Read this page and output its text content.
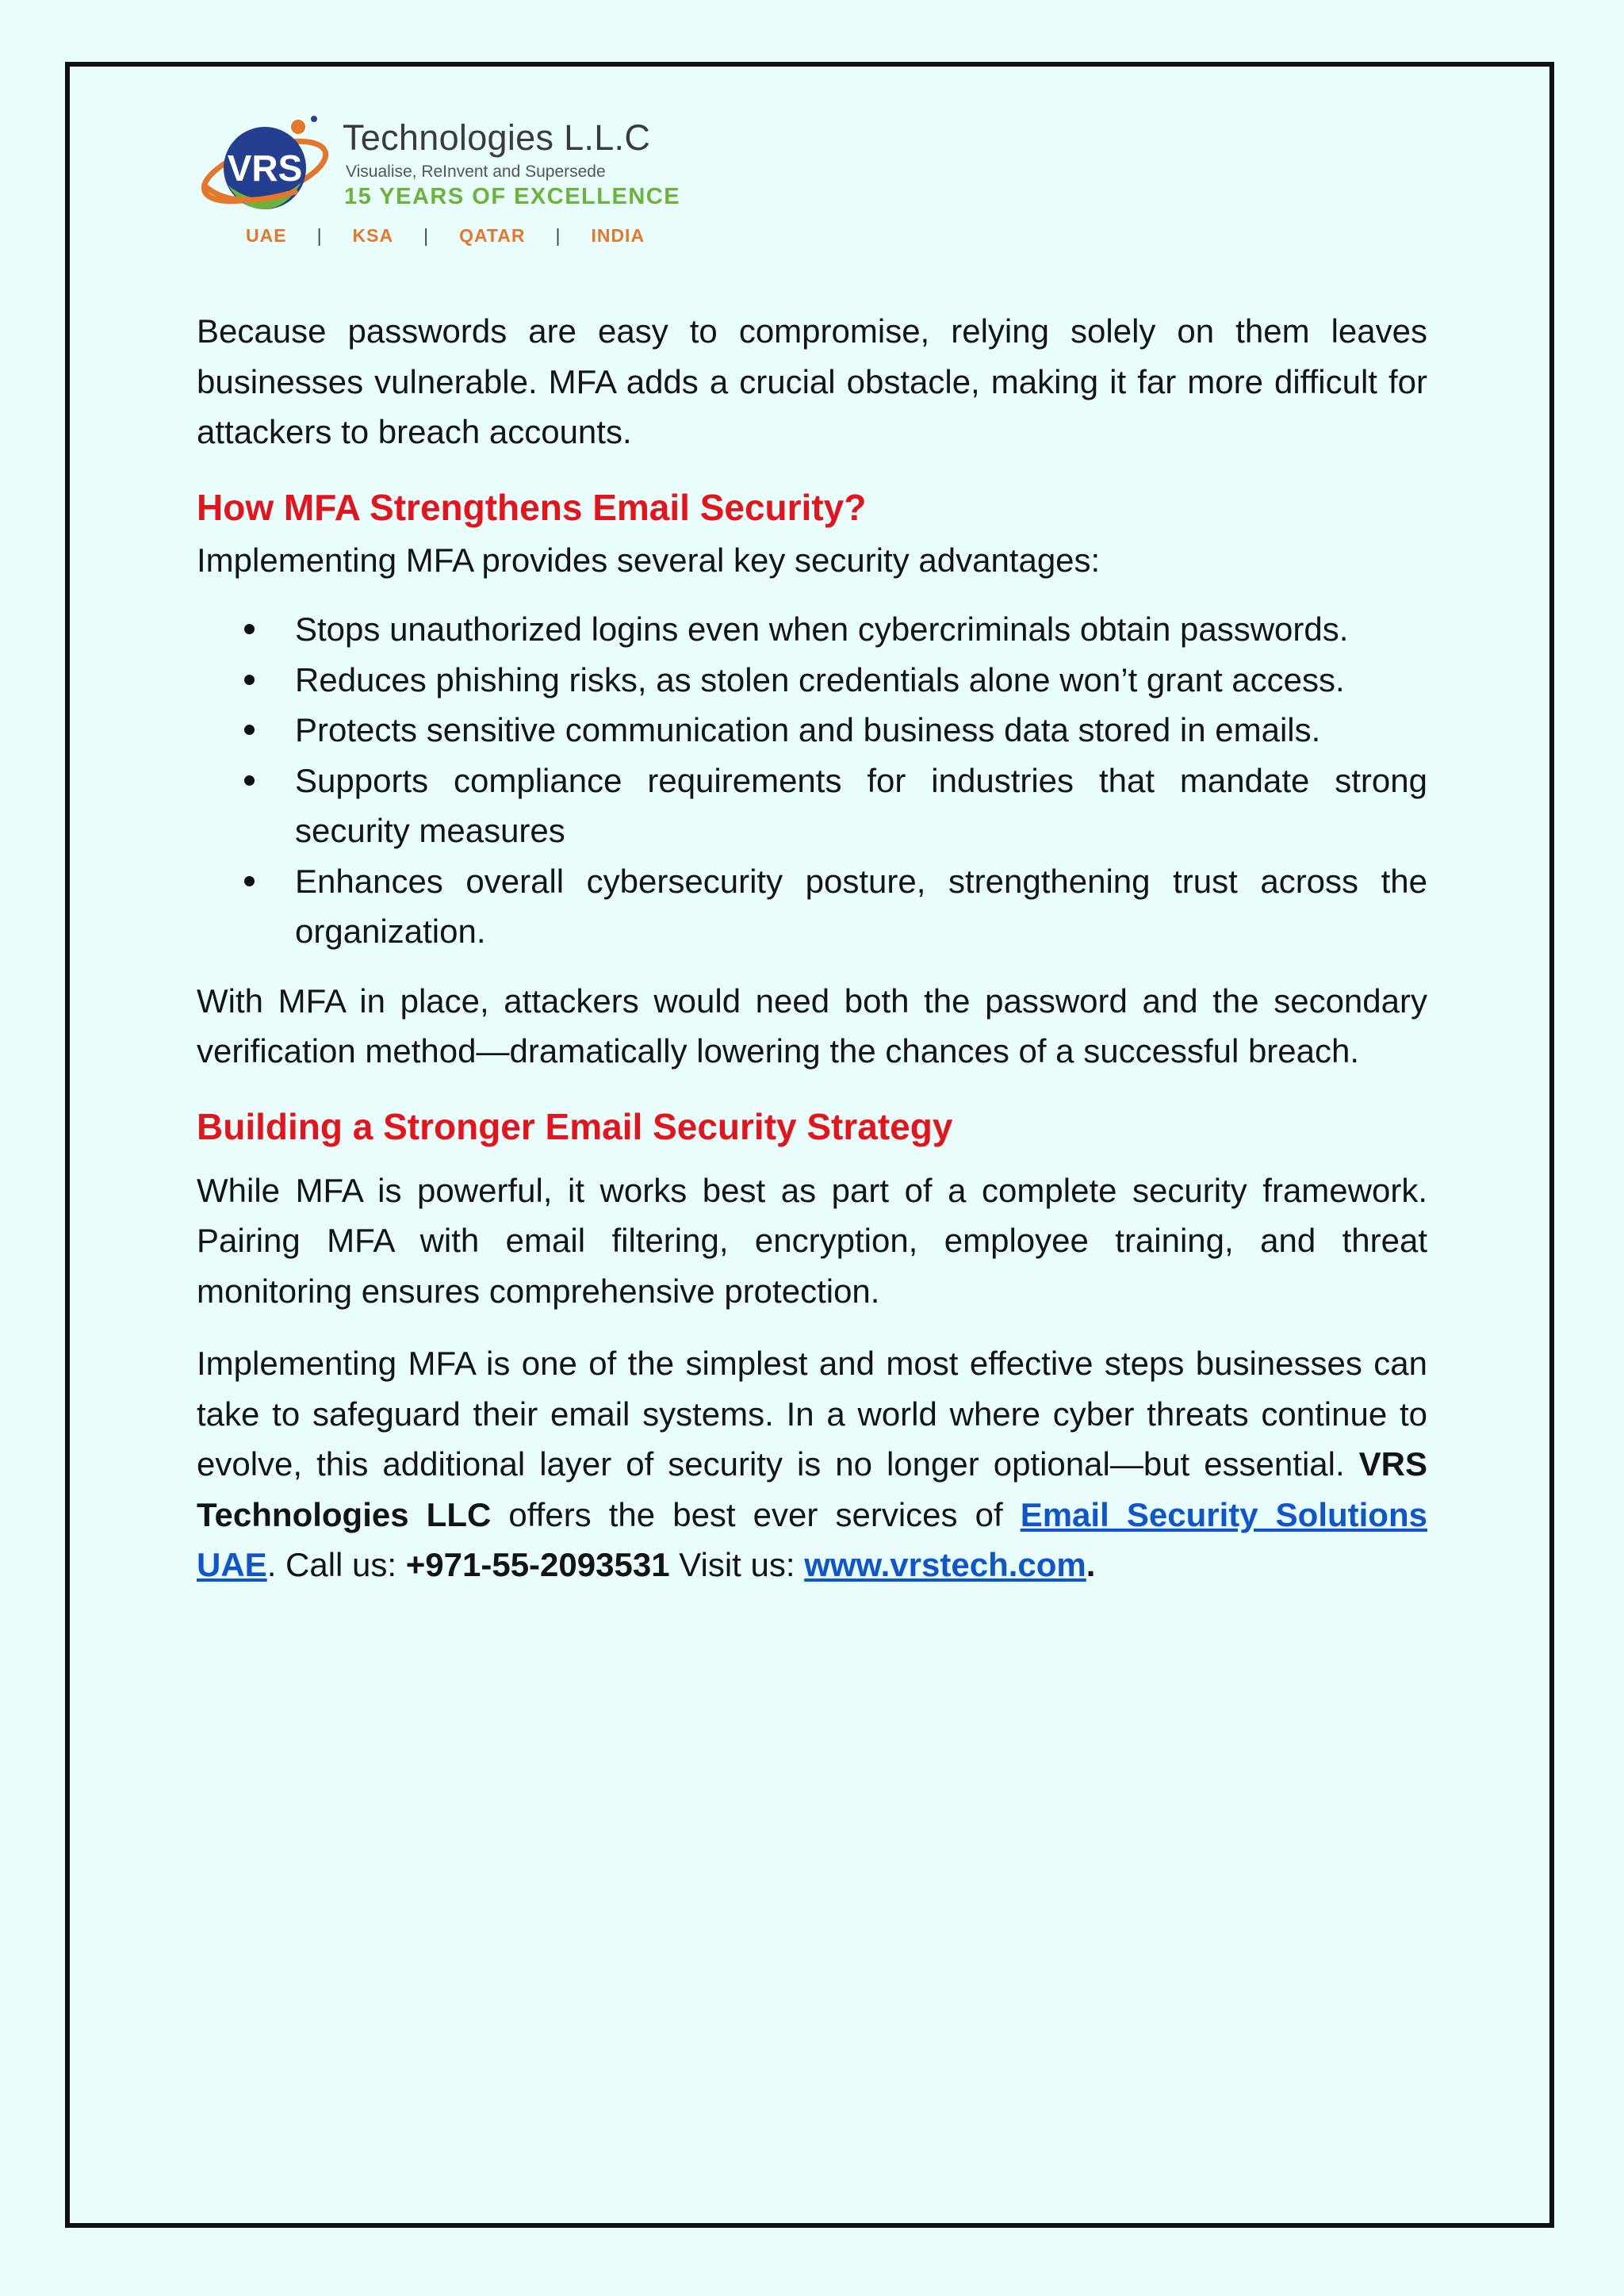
VRS
Technologies L.L.C
Visualise, ReInvent and Supersede
15 YEARS OF EXCELLENCE
UAE | KSA | QATAR | INDIA

Because passwords are easy to compromise, relying solely on them leaves businesses vulnerable. MFA adds a crucial obstacle, making it far more difficult for attackers to breach accounts.

How MFA Strengthens Email Security?

Implementing MFA provides several key security advantages:

Stops unauthorized logins even when cybercriminals obtain passwords.
Reduces phishing risks, as stolen credentials alone won’t grant access.
Protects sensitive communication and business data stored in emails.
Supports compliance requirements for industries that mandate strong security measures
Enhances overall cybersecurity posture, strengthening trust across the organization.

With MFA in place, attackers would need both the password and the secondary verification method—dramatically lowering the chances of a successful breach.

Building a Stronger Email Security Strategy

While MFA is powerful, it works best as part of a complete security framework. Pairing MFA with email filtering, encryption, employee training, and threat monitoring ensures comprehensive protection.

Implementing MFA is one of the simplest and most effective steps businesses can take to safeguard their email systems. In a world where cyber threats continue to evolve, this additional layer of security is no longer optional—but essential. VRS Technologies LLC offers the best ever services of Email Security Solutions UAE. Call us: +971-55-2093531 Visit us: www.vrstech.com.
